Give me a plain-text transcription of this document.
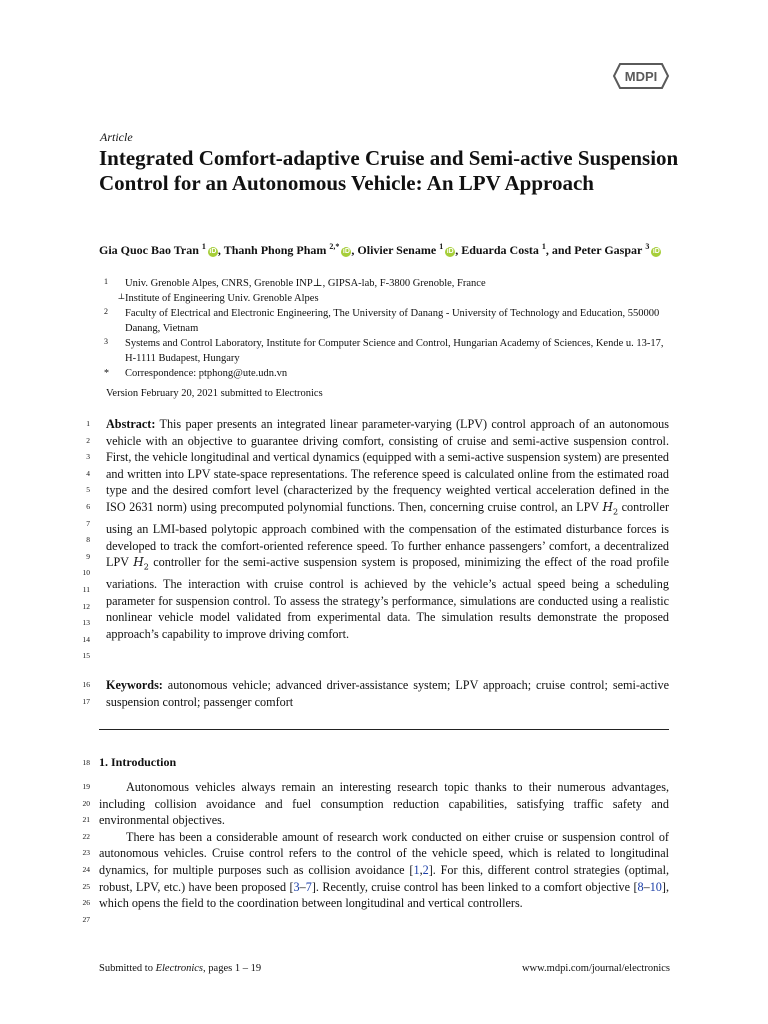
MDPI
Article
Integrated Comfort-adaptive Cruise and Semi-active Suspension Control for an Autonomous Vehicle: An LPV Approach
Gia Quoc Bao Tran $^1$iD , Thanh Phong Pham $^{2,*}$iD , Olivier Sename $^1$iD , Eduarda Costa $^1$, and Peter Gaspar $^3$iD
1	Univ. Grenoble Alpes, CNRS, Grenoble INP⊥, GIPSA-lab, F-3800 Grenoble, France
⊥ Institute of Engineering Univ. Grenoble Alpes
2	Faculty of Electrical and Electronic Engineering, The University of Danang - University of Technology and Education, 550000 Danang, Vietnam
3	Systems and Control Laboratory, Institute for Computer Science and Control, Hungarian Academy of Sciences, Kende u. 13-17, H-1111 Budapest, Hungary
*	Correspondence: ptphong@ute.udn.vn
Version February 20, 2021 submitted to Electronics
1
2
3
4
5
6
7
8
9
10
11
12
13
14
15
Abstract: This paper presents an integrated linear parameter-varying (LPV) control approach of an autonomous vehicle with an objective to guarantee driving comfort, consisting of cruise and semi-active suspension control. First, the vehicle longitudinal and vertical dynamics (equipped with a semi-active suspension system) are presented and written into LPV state-space representations. The reference speed is calculated online from the estimated road type and the desired comfort level (characterized by the frequency weighted vertical acceleration defined in the ISO 2631 norm) using precomputed polynomial functions. Then, concerning cruise control, an LPV $H_2$ controller using an LMI-based polytopic approach combined with the compensation of the estimated disturbance forces is developed to track the comfort-oriented reference speed. To further enhance passengers’ comfort, a decentralized LPV $H_2$ controller for the semi-active suspension system is proposed, minimizing the effect of the road profile variations. The interaction with cruise control is achieved by the vehicle’s actual speed being a scheduling parameter for suspension control. To assess the strategy’s performance, simulations are conducted using a realistic nonlinear vehicle model validated from experimental data. The simulation results demonstrate the proposed approach’s capability to improve driving comfort.
16
17
Keywords: autonomous vehicle; advanced driver-assistance system; LPV approach; cruise control; semi-active suspension control; passenger comfort
18 1. Introduction
19
20
21
22
23
24
25
26
27

Autonomous vehicles always remain an interesting research topic thanks to their numerous advantages, including collision avoidance and fuel consumption reduction capabilities, satisfying traffic safety and environmental objectives.

There has been a considerable amount of research work conducted on either cruise or suspension control of autonomous vehicles. Cruise control refers to the control of the vehicle speed, which is related to longitudinal dynamics, for multiple purposes such as collision avoidance [1,2]. For this, different control strategies (optimal, robust, LPV, etc.) have been proposed [3–7]. Recently, cruise control has been linked to a comfort objective [8–10], which opens the field to the coordination between longitudinal and vertical controllers.

Submitted to Electronics, pages 1 – 19	www.mdpi.com/journal/electronics
